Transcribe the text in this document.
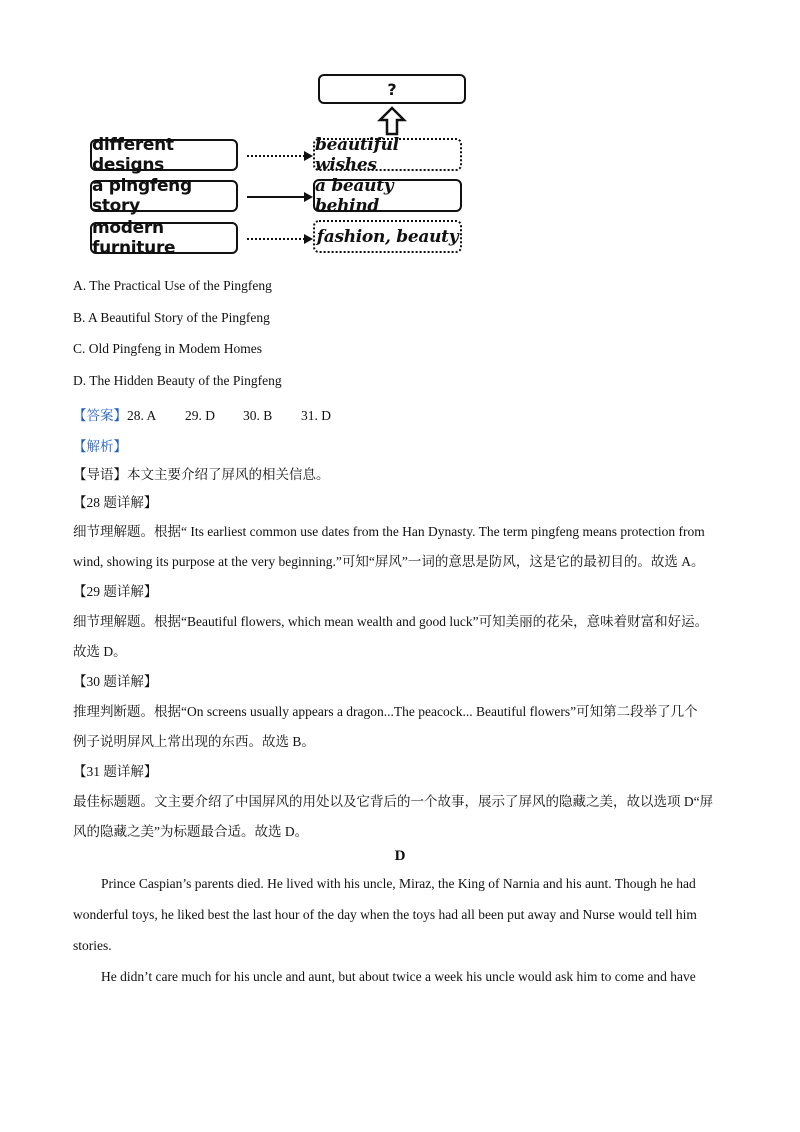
?
different designs
beautiful wishes
a pingfeng story
a beauty behind
modern furniture
fashion, beauty
A. The Practical Use of the Pingfeng
B. A Beautiful Story of the Pingfeng
C. Old Pingfeng in Modem Homes
D. The Hidden Beauty of the Pingfeng
【答案】28. A 29. D 30. B 31. D
【解析】
【导语】本文主要介绍了屏风的相关信息。
【28 题详解】
细节理解题。根据“ Its earliest common use dates from the Han Dynasty. The term pingfeng means protection from
wind, showing its purpose at the very beginning.”可知“屏风”一词的意思是防风，这是它的最初目的。故选 A。
【29 题详解】
细节理解题。根据“Beautiful flowers, which mean wealth and good luck”可知美丽的花朵，意味着财富和好运。
故选 D。
【30 题详解】
推理判断题。根据“On screens usually appears a dragon...The peacock... Beautiful flowers”可知第二段举了几个
例子说明屏风上常出现的东西。故选 B。
【31 题详解】
最佳标题题。文主要介绍了中国屏风的用处以及它背后的一个故事，展示了屏风的隐藏之美，故以选项 D“屏
风的隐藏之美”为标题最合适。故选 D。
D
Prince Caspian’s parents died. He lived with his uncle, Miraz, the King of Narnia and his aunt. Though he had
wonderful toys, he liked best the last hour of the day when the toys had all been put away and Nurse would tell him
stories.
He didn’t care much for his uncle and aunt, but about twice a week his uncle would ask him to come and have
